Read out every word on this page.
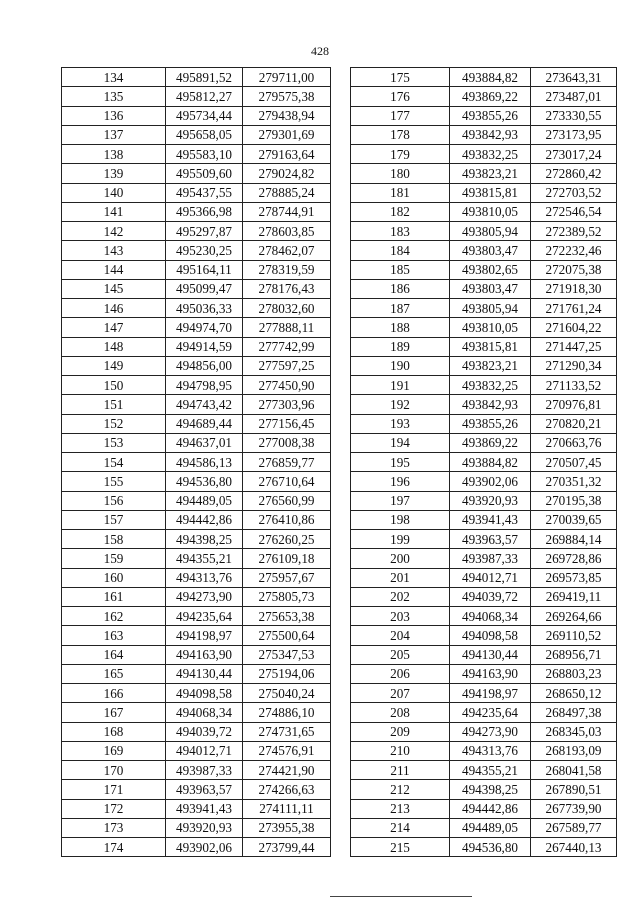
428
134	495891,52	279711,00
135	495812,27	279575,38
136	495734,44	279438,94
137	495658,05	279301,69
138	495583,10	279163,64
139	495509,60	279024,82
140	495437,55	278885,24
141	495366,98	278744,91
142	495297,87	278603,85
143	495230,25	278462,07
144	495164,11	278319,59
145	495099,47	278176,43
146	495036,33	278032,60
147	494974,70	277888,11
148	494914,59	277742,99
149	494856,00	277597,25
150	494798,95	277450,90
151	494743,42	277303,96
152	494689,44	277156,45
153	494637,01	277008,38
154	494586,13	276859,77
155	494536,80	276710,64
156	494489,05	276560,99
157	494442,86	276410,86
158	494398,25	276260,25
159	494355,21	276109,18
160	494313,76	275957,67
161	494273,90	275805,73
162	494235,64	275653,38
163	494198,97	275500,64
164	494163,90	275347,53
165	494130,44	275194,06
166	494098,58	275040,24
167	494068,34	274886,10
168	494039,72	274731,65
169	494012,71	274576,91
170	493987,33	274421,90
171	493963,57	274266,63
172	493941,43	274111,11
173	493920,93	273955,38
174	493902,06	273799,44
175	493884,82	273643,31
176	493869,22	273487,01
177	493855,26	273330,55
178	493842,93	273173,95
179	493832,25	273017,24
180	493823,21	272860,42
181	493815,81	272703,52
182	493810,05	272546,54
183	493805,94	272389,52
184	493803,47	272232,46
185	493802,65	272075,38
186	493803,47	271918,30
187	493805,94	271761,24
188	493810,05	271604,22
189	493815,81	271447,25
190	493823,21	271290,34
191	493832,25	271133,52
192	493842,93	270976,81
193	493855,26	270820,21
194	493869,22	270663,76
195	493884,82	270507,45
196	493902,06	270351,32
197	493920,93	270195,38
198	493941,43	270039,65
199	493963,57	269884,14
200	493987,33	269728,86
201	494012,71	269573,85
202	494039,72	269419,11
203	494068,34	269264,66
204	494098,58	269110,52
205	494130,44	268956,71
206	494163,90	268803,23
207	494198,97	268650,12
208	494235,64	268497,38
209	494273,90	268345,03
210	494313,76	268193,09
211	494355,21	268041,58
212	494398,25	267890,51
213	494442,86	267739,90
214	494489,05	267589,77
215	494536,80	267440,13
